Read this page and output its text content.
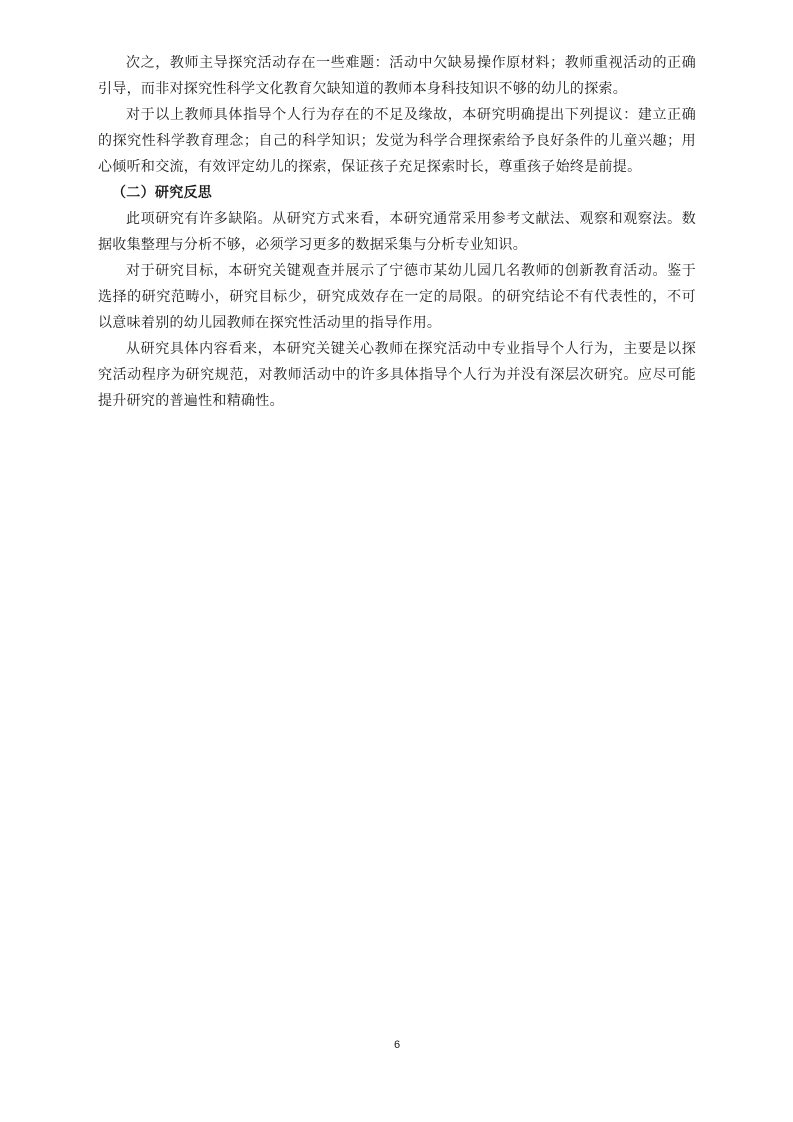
次之，教师主导探究活动存在一些难题：活动中欠缺易操作原材料；教师重视活动的正确引导，而非对探究性科学文化教育欠缺知道的教师本身科技知识不够的幼儿的探索。

对于以上教师具体指导个人行为存在的不足及缘故，本研究明确提出下列提议：建立正确的探究性科学教育理念；自己的科学知识；发觉为科学合理探索给予良好条件的儿童兴趣；用心倾听和交流，有效评定幼儿的探索，保证孩子充足探索时长，尊重孩子始终是前提。

（二）研究反思

此项研究有许多缺陷。从研究方式来看，本研究通常采用参考文献法、观察和观察法。数据收集整理与分析不够，必须学习更多的数据采集与分析专业知识。

对于研究目标，本研究关键观查并展示了宁德市某幼儿园几名教师的创新教育活动。鉴于选择的研究范畴小，研究目标少，研究成效存在一定的局限。的研究结论不有代表性的，不可以意味着别的幼儿园教师在探究性活动里的指导作用。

从研究具体内容看来，本研究关键关心教师在探究活动中专业指导个人行为，主要是以探究活动程序为研究规范，对教师活动中的许多具体指导个人行为并没有深层次研究。应尽可能提升研究的普遍性和精确性。

6
